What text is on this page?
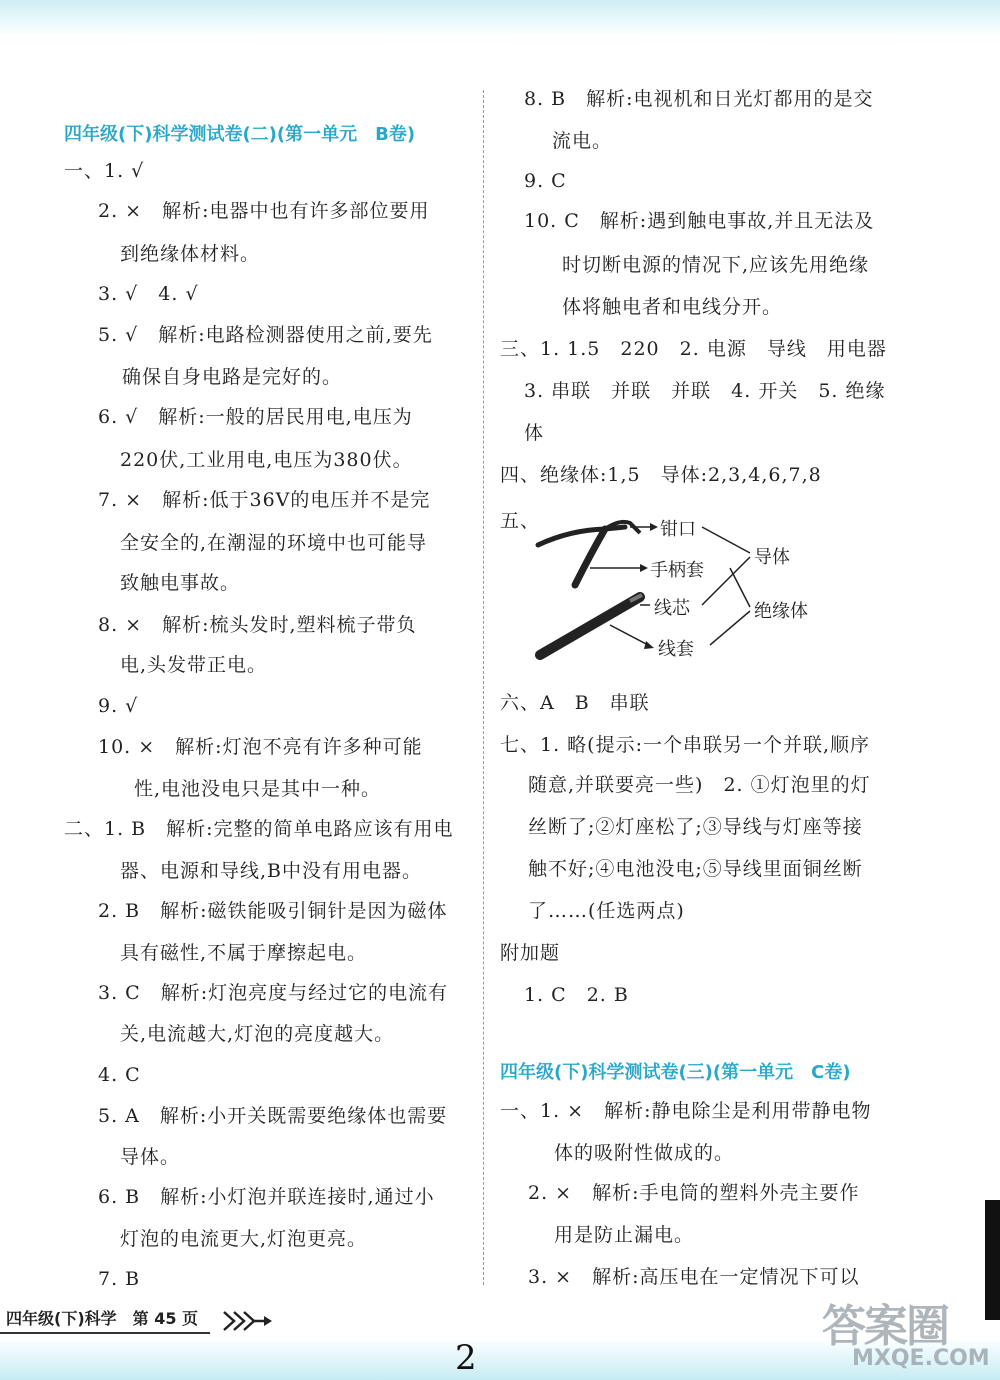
四年级(下)科学测试卷(二)(第一单元　B卷)
一、1. √
2. ×　解析:电器中也有许多部位要用
到绝缘体材料。
3. √　4. √
5. √　解析:电路检测器使用之前,要先
确保自身电路是完好的。
6. √　解析:一般的居民用电,电压为
220伏,工业用电,电压为380伏。
7. ×　解析:低于36V的电压并不是完
全安全的,在潮湿的环境中也可能导
致触电事故。
8. ×　解析:梳头发时,塑料梳子带负
电,头发带正电。
9. √
10. ×　解析:灯泡不亮有许多种可能
性,电池没电只是其中一种。
二、1. B　解析:完整的简单电路应该有用电
器、电源和导线,B中没有用电器。
2. B　解析:磁铁能吸引铜针是因为磁体
具有磁性,不属于摩擦起电。
3. C　解析:灯泡亮度与经过它的电流有
关,电流越大,灯泡的亮度越大。
4. C
5. A　解析:小开关既需要绝缘体也需要
导体。
6. B　解析:小灯泡并联连接时,通过小
灯泡的电流更大,灯泡更亮。
7. B
8. B　解析:电视机和日光灯都用的是交
流电。
9. C
10. C　解析:遇到触电事故,并且无法及
时切断电源的情况下,应该先用绝缘
体将触电者和电线分开。
三、1. 1.5　220　2. 电源　导线　用电器
3. 串联　并联　并联　4. 开关　5. 绝缘
体
四、绝缘体:1,5　导体:2,3,4,6,7,8
五、	钳口
手柄套
线芯
线套
导体
绝缘体
六、A　B　串联
七、1. 略(提示:一个串联另一个并联,顺序
随意,并联要亮一些)　2. ①灯泡里的灯
丝断了;②灯座松了;③导线与灯座等接
触不好;④电池没电;⑤导线里面铜丝断
了……(任选两点)
附加题
1. C　2. B
四年级(下)科学测试卷(三)(第一单元　C卷)
一、1. ×　解析:静电除尘是利用带静电物
体的吸附性做成的。
2. ×　解析:手电筒的塑料外壳主要作
用是防止漏电。
3. ×　解析:高压电在一定情况下可以
四年级(下)科学　第 45 页
2
答案圈
MXQE.COM
